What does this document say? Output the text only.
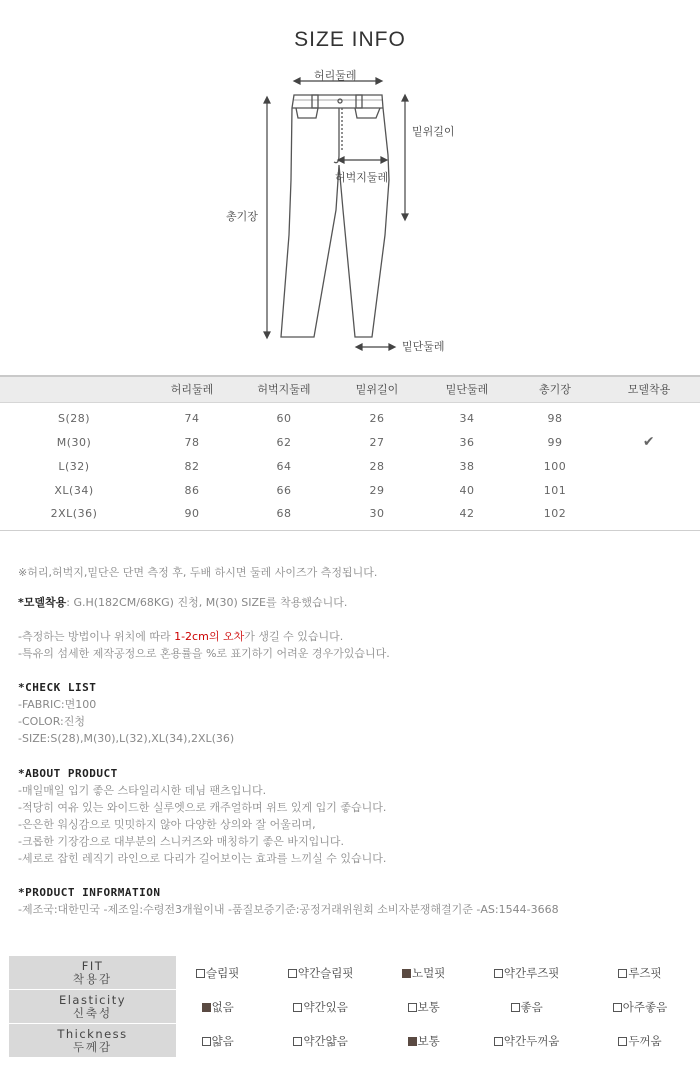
SIZE INFO
허리둘레
밑위길이
허벅지둘레
총기장
밑단둘레
	허리둘레	허벅지둘레	밑위길이	밑단둘레	총기장	모델착용
S(28)	74	60	26	34	98	
M(30)	78	62	27	36	99	✔
L(32)	82	64	28	38	100	
XL(34)	86	66	29	40	101	
2XL(36)	90	68	30	42	102	
※허리,허벅지,밑단은 단면 측정 후, 두배 하시면 둘레 사이즈가 측정됩니다.
*모델착용: G.H(182CM/68KG) 진청, M(30) SIZE를 착용했습니다.
-측정하는 방법이나 위치에 따라 1-2cm의 오차가 생길 수 있습니다.
-특유의 섬세한 제작공정으로 혼용률을 %로 표기하기 어려운 경우가있습니다.
*CHECK LIST
-FABRIC:면100
-COLOR:진청
-SIZE:S(28),M(30),L(32),XL(34),2XL(36)
*ABOUT PRODUCT
-매일매일 입기 좋은 스타일리시한 데님 팬츠입니다.
-적당히 여유 있는 와이드한 실루엣으로 캐주얼하며 위트 있게 입기 좋습니다.
-은은한 워싱감으로 밋밋하지 않아 다양한 상의와 잘 어울리며,
-크롭한 기장감으로 대부분의 스니커즈와 매칭하기 좋은 바지입니다.
-세로로 잡힌 레직기 라인으로 다리가 길어보이는 효과를 느끼실 수 있습니다.
*PRODUCT INFORMATION
-제조국:대한민국 -제조일:수령전3개월이내 -품질보증기준:공정거래위원회 소비자분쟁해결기준 -AS:1544-3668
FIT
착용감	슬림핏	약간슬림핏	노멀핏	약간루즈핏	루즈핏

Elasticity
신축성	없음	약간있음	보통	좋음	아주좋음

Thickness
두께감	얇음	약간얇음	보통	약간두꺼움	두꺼움
